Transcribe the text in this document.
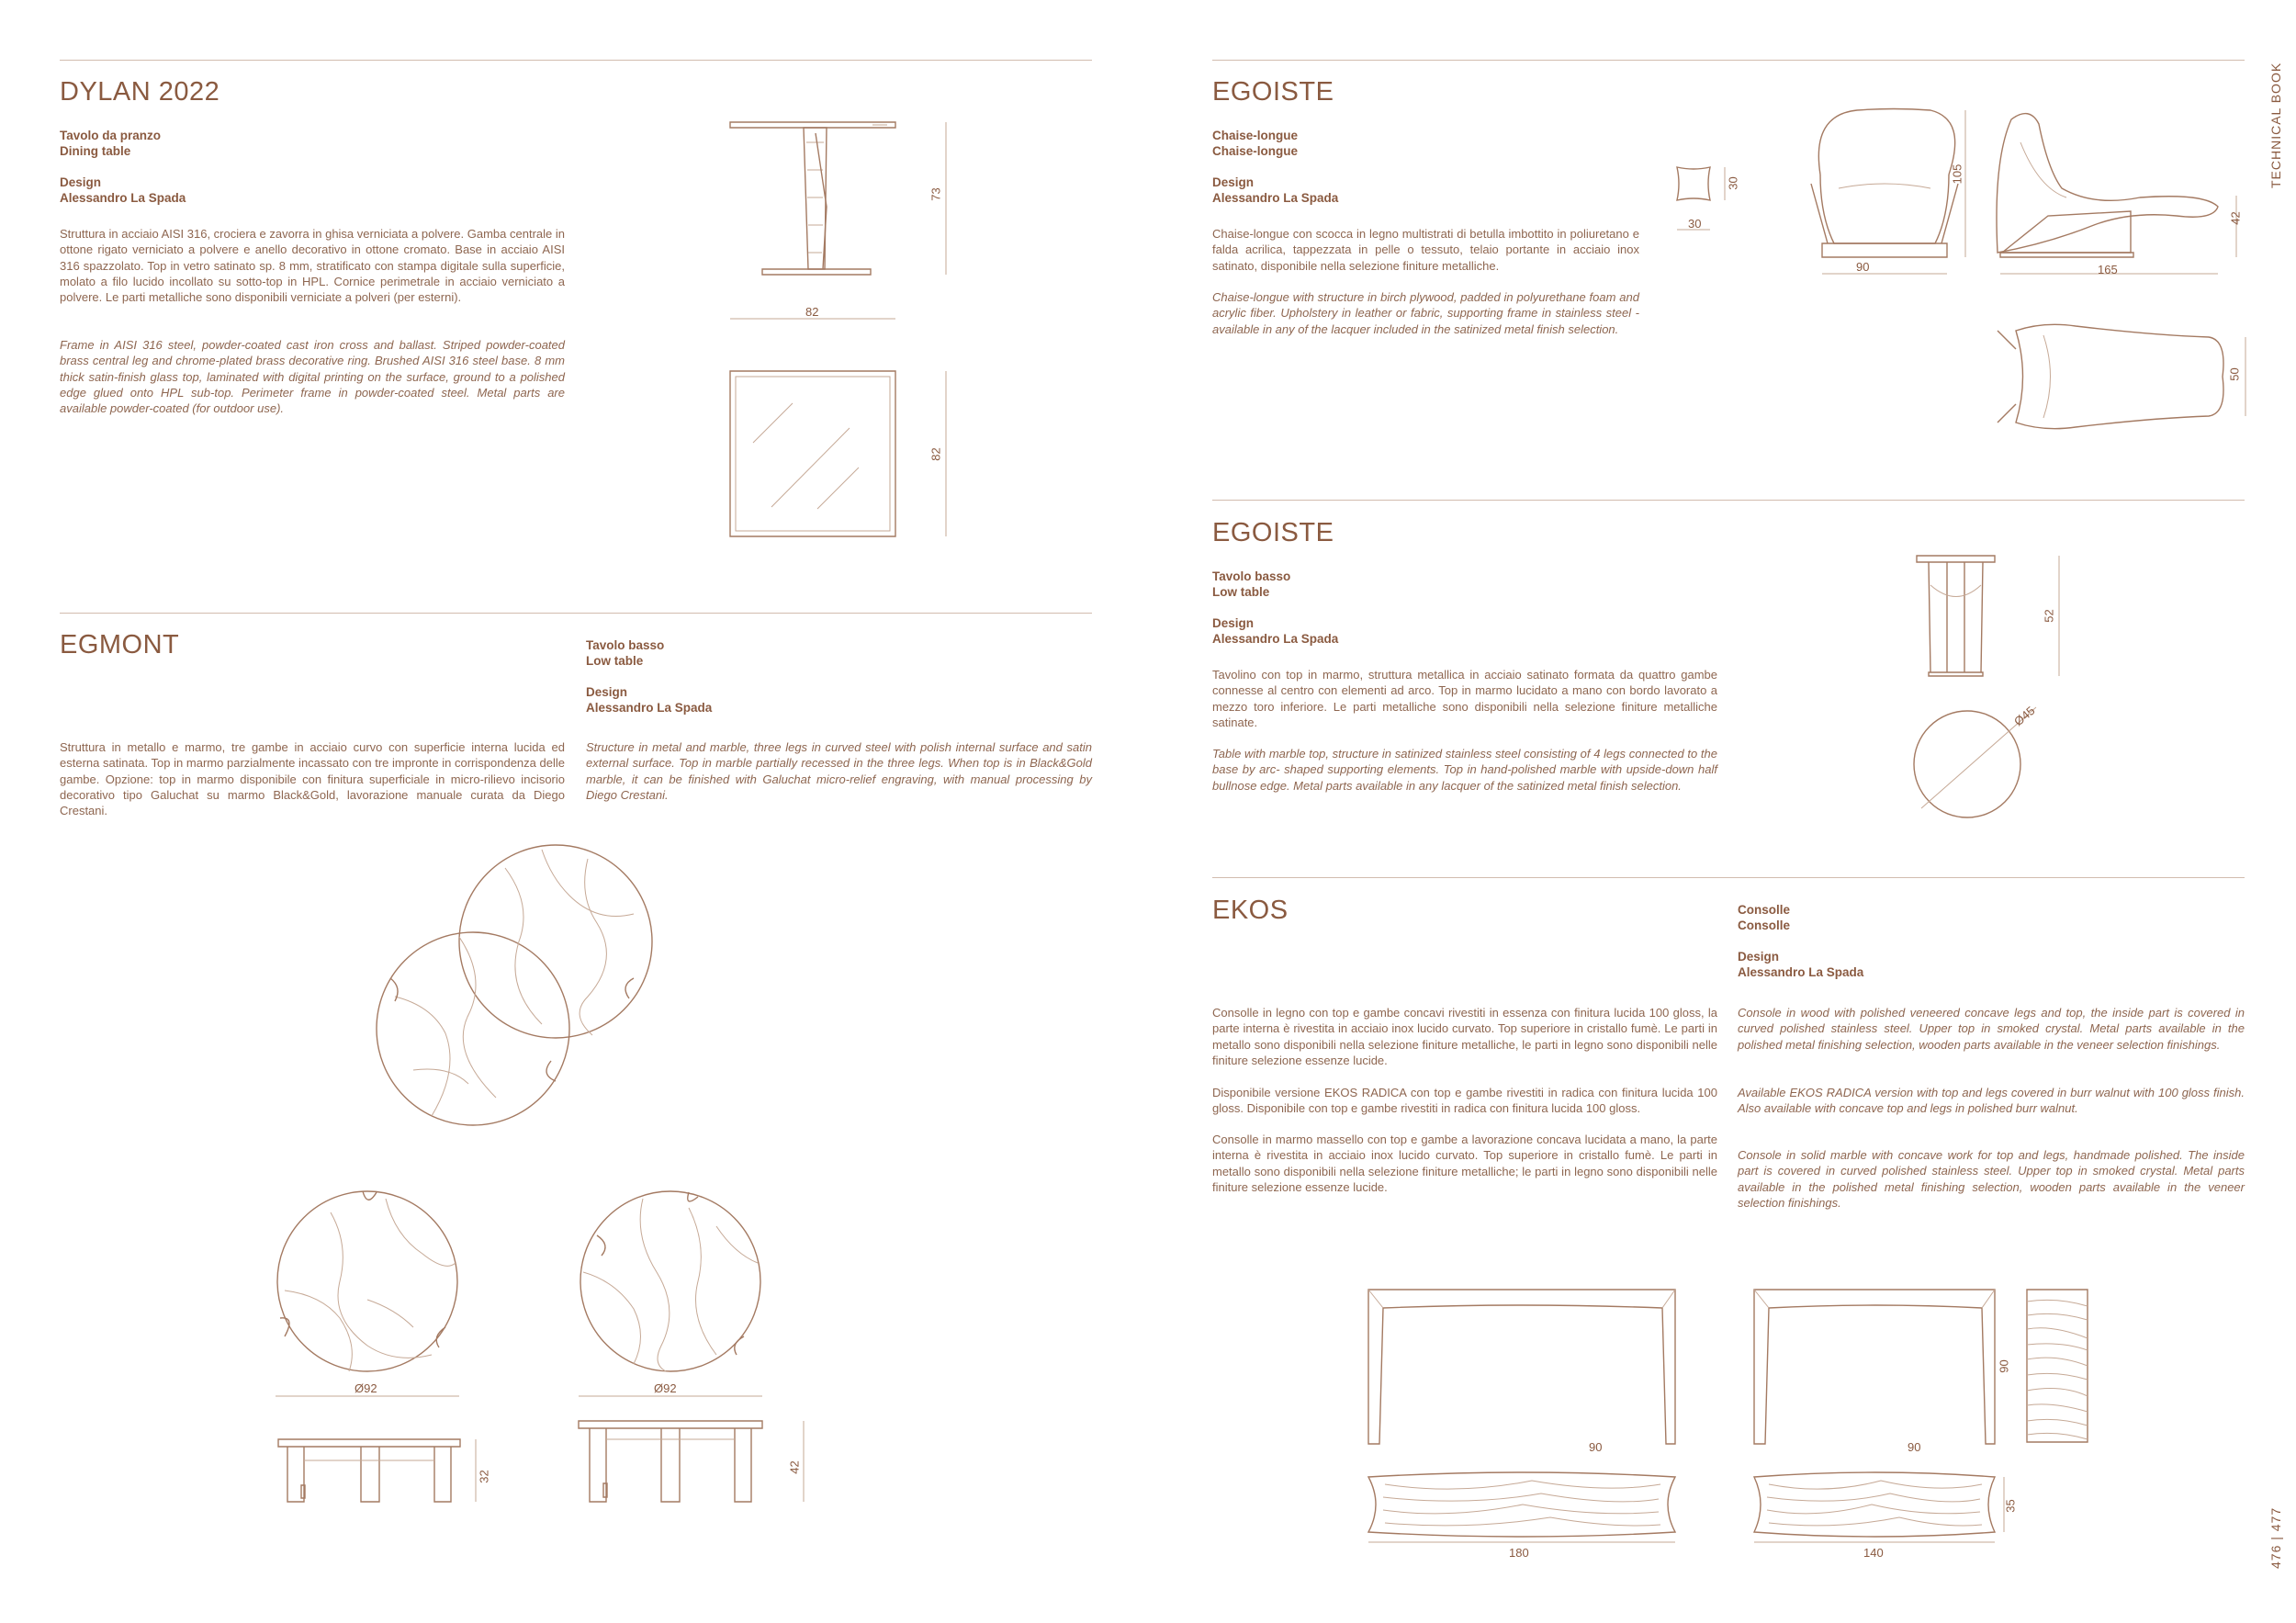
DYLAN 2022
Tavolo da pranzo
Dining table
Design
Alessandro La Spada

Struttura in acciaio AISI 316, crociera e zavorra in ghisa verniciata a polvere. Gamba centrale in ottone rigato verniciato a polvere e anello decorativo in ottone cromato. Base in acciaio AISI 316 spazzolato. Top in vetro satinato sp. 8 mm, stratificato con stampa digitale sulla superficie, molato a filo lucido incollato su sotto-top in HPL. Cornice perimetrale in acciaio verniciato a polvere. Le parti metalliche sono disponibili verniciate a polveri (per esterni).

Frame in AISI 316 steel, powder-coated cast iron cross and ballast. Striped powder-coated brass central leg and chrome-plated brass decorative ring. Brushed AISI 316 steel base. 8 mm thick satin-finish glass top, laminated with digital printing on the surface, ground to a polished edge glued onto HPL sub-top. Perimeter frame in powder-coated steel. Metal parts are available powder-coated (for outdoor use).

73
82
82
EGMONT	Tavolo basso
Low table
Design
Alessandro La Spada

Struttura in metallo e marmo, tre gambe in acciaio curvo con superficie interna lucida ed esterna satinata. Top in marmo parzialmente incassato con tre impronte in corrispondenza delle gambe. Opzione: top in marmo disponibile con finitura superficiale in micro-rilievo incisorio decorativo tipo Galuchat su marmo Black&Gold, lavorazione manuale curata da Diego Crestani.

Structure in metal and marble, three legs in curved steel with polish internal surface and satin external surface. Top in marble partially recessed in the three legs. When top is in Black&Gold marble, it can be finished with Galuchat micro-relief engraving, with manual processing by Diego Crestani.

Ø92	Ø92
32
42
EGOISTE
Chaise-longue
Chaise-longue
Design
Alessandro La Spada

Chaise-longue con scocca in legno multistrati di betulla imbottito in poliuretano e falda acrilica, tappezzata in pelle o tessuto, telaio portante in acciaio inox satinato, disponibile nella selezione finiture metalliche.

Chaise-longue with structure in birch plywood, padded in polyurethane foam and acrylic fiber. Upholstery in leather or fabric, supporting frame in stainless steel - available in any of the lacquer included in the satinized metal finish selection.

30
30
90
105
165
42
50
EGOISTE
Tavolo basso
Low table
Design
Alessandro La Spada

Tavolino con top in marmo, struttura metallica in acciaio satinato formata da quattro gambe connesse al centro con elementi ad arco. Top in marmo lucidato a mano con bordo lavorato a mezzo toro inferiore. Le parti metalliche sono disponibili nella selezione finiture metalliche satinate.

Table with marble top, structure in satinized stainless steel consisting of 4 legs connected to the base by arc- shaped supporting elements. Top in hand-polished marble with upside-down half bullnose edge. Metal parts available in any lacquer of the satinized metal finish selection.

52
Ø45
EKOS	Consolle
Consolle
Design
Alessandro La Spada

Consolle in legno con top e gambe concavi rivestiti in essenza con finitura lucida 100 gloss, la parte interna è rivestita in acciaio inox lucido curvato. Top superiore in cristallo fumè. Le parti in metallo sono disponibili nella selezione finiture metalliche, le parti in legno sono disponibili nelle finiture selezione essenze lucide.

Disponibile versione EKOS RADICA con top e gambe rivestiti in radica con finitura lucida 100 gloss. Disponibile con top e gambe rivestiti in radica con finitura lucida 100 gloss.

Consolle in marmo massello con top e gambe a lavorazione concava lucidata a mano, la parte interna è rivestita in acciaio inox lucido curvato. Top superiore in cristallo fumè. Le parti in metallo sono disponibili nella selezione finiture metalliche; le parti in legno sono disponibili nelle finiture selezione essenze lucide.

Console in wood with polished veneered concave legs and top, the inside part is covered in curved polished stainless steel. Upper top in smoked crystal. Metal parts available in the polished metal finishing selection, wooden parts available in the veneer selection finishings.

Available EKOS RADICA version with top and legs covered in burr walnut with 100 gloss finish. Also available with concave top and legs in polished burr walnut.

Console in solid marble with concave work for top and legs, handmade polished. The inside part is covered in curved polished stainless steel. Upper top in smoked crystal. Metal parts available in the polished metal finishing selection, wooden parts available in the veneer selection finishings.

90	90
90
180	140
35
TECHNICAL BOOK
476 | 477
